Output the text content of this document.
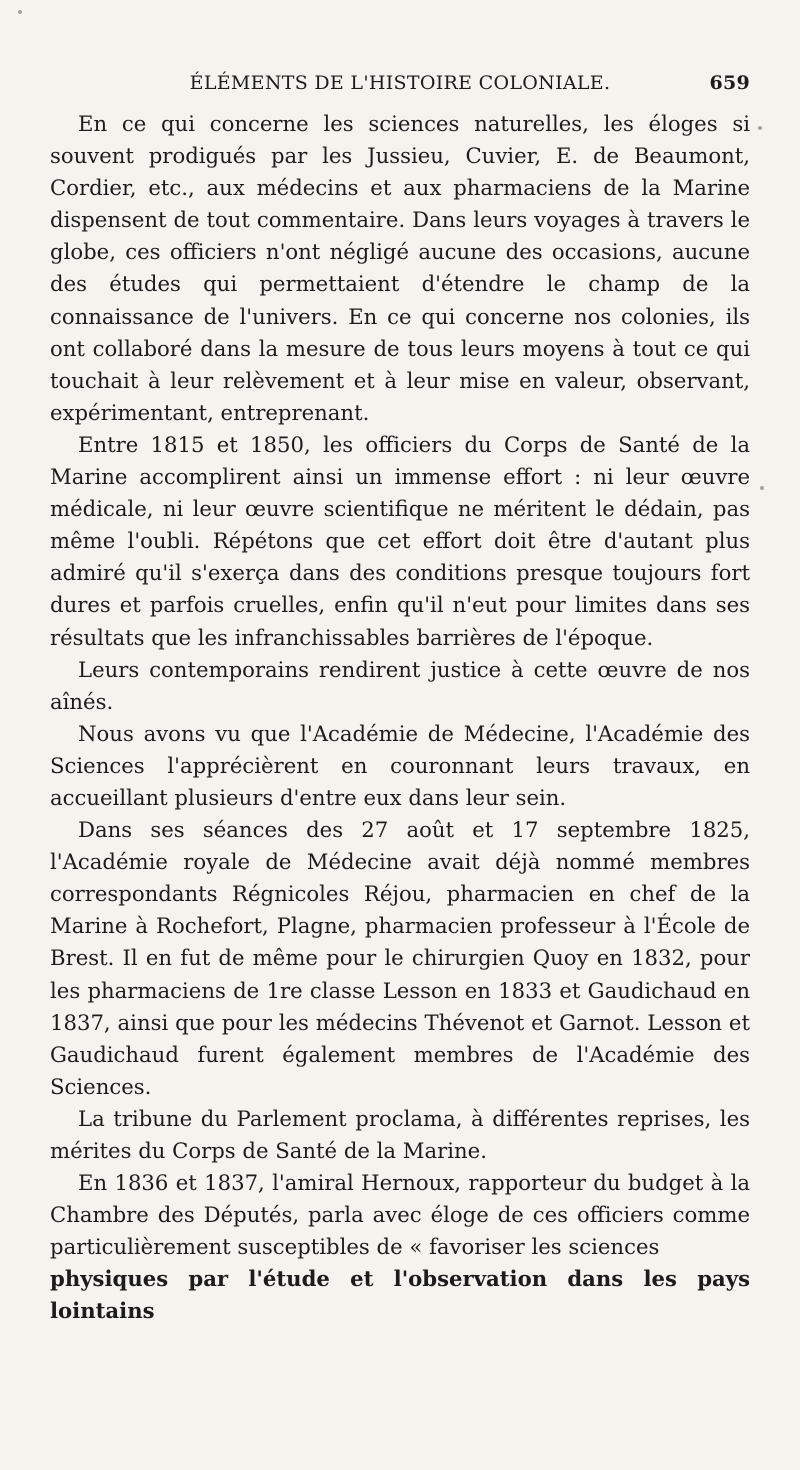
ÉLÉMENTS DE L'HISTOIRE COLONIALE.	659

En ce qui concerne les sciences naturelles, les éloges si souvent prodigués par les Jussieu, Cuvier, E. de Beaumont, Cordier, etc., aux médecins et aux pharmaciens de la Marine dispensent de tout commentaire. Dans leurs voyages à travers le globe, ces officiers n'ont négligé aucune des occasions, aucune des études qui permettaient d'étendre le champ de la connaissance de l'univers. En ce qui concerne nos colonies, ils ont collaboré dans la mesure de tous leurs moyens à tout ce qui touchait à leur relèvement et à leur mise en valeur, observant, expérimentant, entreprenant.

Entre 1815 et 1850, les officiers du Corps de Santé de la Marine accomplirent ainsi un immense effort : ni leur œuvre médicale, ni leur œuvre scientifique ne méritent le dédain, pas même l'oubli. Répétons que cet effort doit être d'autant plus admiré qu'il s'exerça dans des conditions presque toujours fort dures et parfois cruelles, enfin qu'il n'eut pour limites dans ses résultats que les infranchissables barrières de l'époque.

Leurs contemporains rendirent justice à cette œuvre de nos aînés.

Nous avons vu que l'Académie de Médecine, l'Académie des Sciences l'apprécièrent en couronnant leurs travaux, en accueillant plusieurs d'entre eux dans leur sein.

Dans ses séances des 27 août et 17 septembre 1825, l'Académie royale de Médecine avait déjà nommé membres correspondants Régnicoles Réjou, pharmacien en chef de la Marine à Rochefort, Plagne, pharmacien professeur à l'École de Brest. Il en fut de même pour le chirurgien Quoy en 1832, pour les pharmaciens de 1re classe Lesson en 1833 et Gaudichaud en 1837, ainsi que pour les médecins Thévenot et Garnot. Lesson et Gaudichaud furent également membres de l'Académie des Sciences.

La tribune du Parlement proclama, à différentes reprises, les mérites du Corps de Santé de la Marine.

En 1836 et 1837, l'amiral Hernoux, rapporteur du budget à la Chambre des Députés, parla avec éloge de ces officiers comme particulièrement susceptibles de « favoriser les sciences

physiques par l'étude et l'observation dans les pays lointains
